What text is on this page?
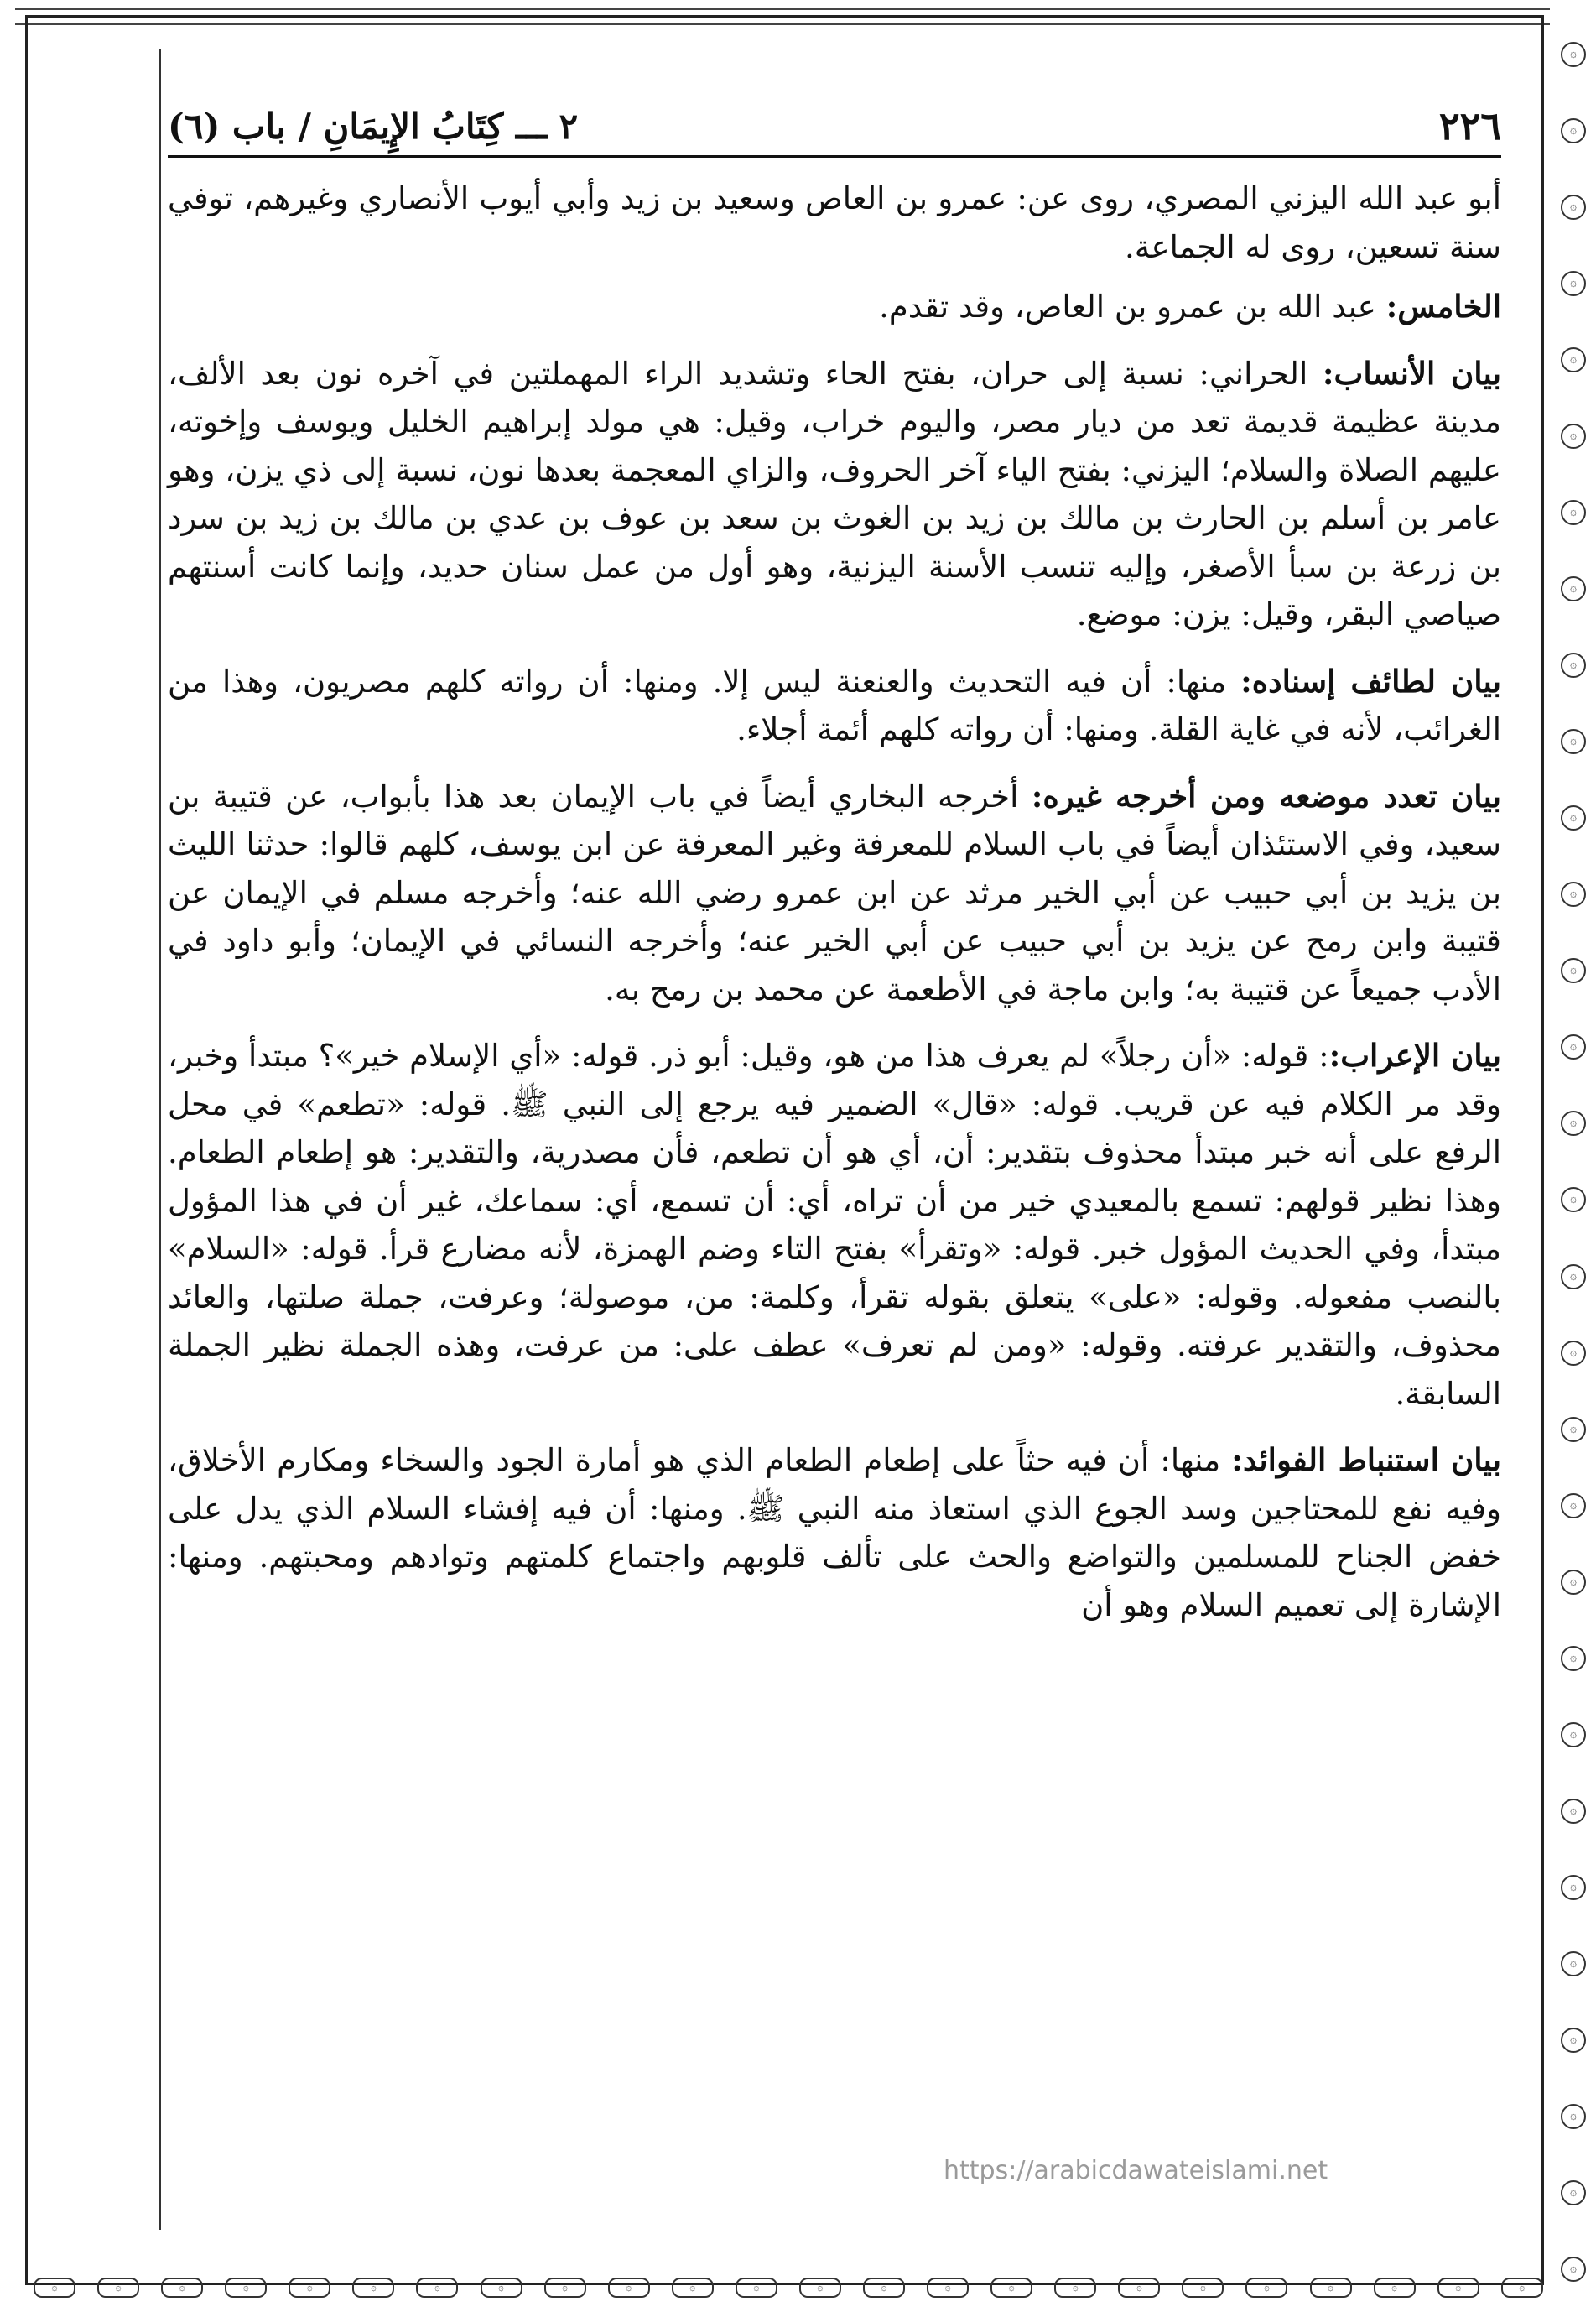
۞
۞
۞
۞
۞
۞
۞
۞
۞
۞
۞
۞
۞
۞
۞
۞
۞
۞
۞
۞
۞
۞
۞
۞
۞
۞
۞
۞
۞
۞
۞	۞	۞	۞	۞	۞	۞	۞	۞	۞	۞	۞	۞	۞	۞	۞	۞	۞	۞	۞	۞	۞	۞	۞
٢٢٦
٢ ـــ كِتَابُ الإِيمَانِ / باب (٦)

أبو عبد الله اليزني المصري، روى عن: عمرو بن العاص وسعيد بن زيد وأبي أيوب الأنصاري وغيرهم، توفي سنة تسعين، روى له الجماعة.

الخامس: عبد الله بن عمرو بن العاص، وقد تقدم.

بيان الأنساب: الحراني: نسبة إلى حران، بفتح الحاء وتشديد الراء المهملتين في آخره نون بعد الألف، مدينة عظيمة قديمة تعد من ديار مصر، واليوم خراب، وقيل: هي مولد إبراهيم الخليل ويوسف وإخوته، عليهم الصلاة والسلام؛ اليزني: بفتح الياء آخر الحروف، والزاي المعجمة بعدها نون، نسبة إلى ذي يزن، وهو عامر بن أسلم بن الحارث بن مالك بن زيد بن الغوث بن سعد بن عوف بن عدي بن مالك بن زيد بن سرد بن زرعة بن سبأ الأصغر، وإليه تنسب الأسنة اليزنية، وهو أول من عمل سنان حديد، وإنما كانت أسنتهم صياصي البقر، وقيل: يزن: موضع.

بيان لطائف إسناده: منها: أن فيه التحديث والعنعنة ليس إلا. ومنها: أن رواته كلهم مصريون، وهذا من الغرائب، لأنه في غاية القلة. ومنها: أن رواته كلهم أئمة أجلاء.

بيان تعدد موضعه ومن أخرجه غيره: أخرجه البخاري أيضاً في باب الإيمان بعد هذا بأبواب، عن قتيبة بن سعيد، وفي الاستئذان أيضاً في باب السلام للمعرفة وغير المعرفة عن ابن يوسف، كلهم قالوا: حدثنا الليث بن يزيد بن أبي حبيب عن أبي الخير مرثد عن ابن عمرو رضي الله عنه؛ وأخرجه مسلم في الإيمان عن قتيبة وابن رمح عن يزيد بن أبي حبيب عن أبي الخير عنه؛ وأخرجه النسائي في الإيمان؛ وأبو داود في الأدب جميعاً عن قتيبة به؛ وابن ماجة في الأطعمة عن محمد بن رمح به.

بيان الإعراب:: قوله: «أن رجلاً» لم يعرف هذا من هو، وقيل: أبو ذر. قوله: «أي الإسلام خير»؟ مبتدأ وخبر، وقد مر الكلام فيه عن قريب. قوله: «قال» الضمير فيه يرجع إلى النبي ﷺ. قوله: «تطعم» في محل الرفع على أنه خبر مبتدأ محذوف بتقدير: أن، أي هو أن تطعم، فأن مصدرية، والتقدير: هو إطعام الطعام. وهذا نظير قولهم: تسمع بالمعيدي خير من أن تراه، أي: أن تسمع، أي: سماعك، غير أن في هذا المؤول مبتدأ، وفي الحديث المؤول خبر. قوله: «وتقرأ» بفتح التاء وضم الهمزة، لأنه مضارع قرأ. قوله: «السلام» بالنصب مفعوله. وقوله: «على» يتعلق بقوله تقرأ، وكلمة: من، موصولة؛ وعرفت، جملة صلتها، والعائد محذوف، والتقدير عرفته. وقوله: «ومن لم تعرف» عطف على: من عرفت، وهذه الجملة نظير الجملة السابقة.

بيان استنباط الفوائد: منها: أن فيه حثاً على إطعام الطعام الذي هو أمارة الجود والسخاء ومكارم الأخلاق، وفيه نفع للمحتاجين وسد الجوع الذي استعاذ منه النبي ﷺ. ومنها: أن فيه إفشاء السلام الذي يدل على خفض الجناح للمسلمين والتواضع والحث على تألف قلوبهم واجتماع كلمتهم وتوادهم ومحبتهم. ومنها: الإشارة إلى تعميم السلام وهو أن

https://arabicdawateislami.net
